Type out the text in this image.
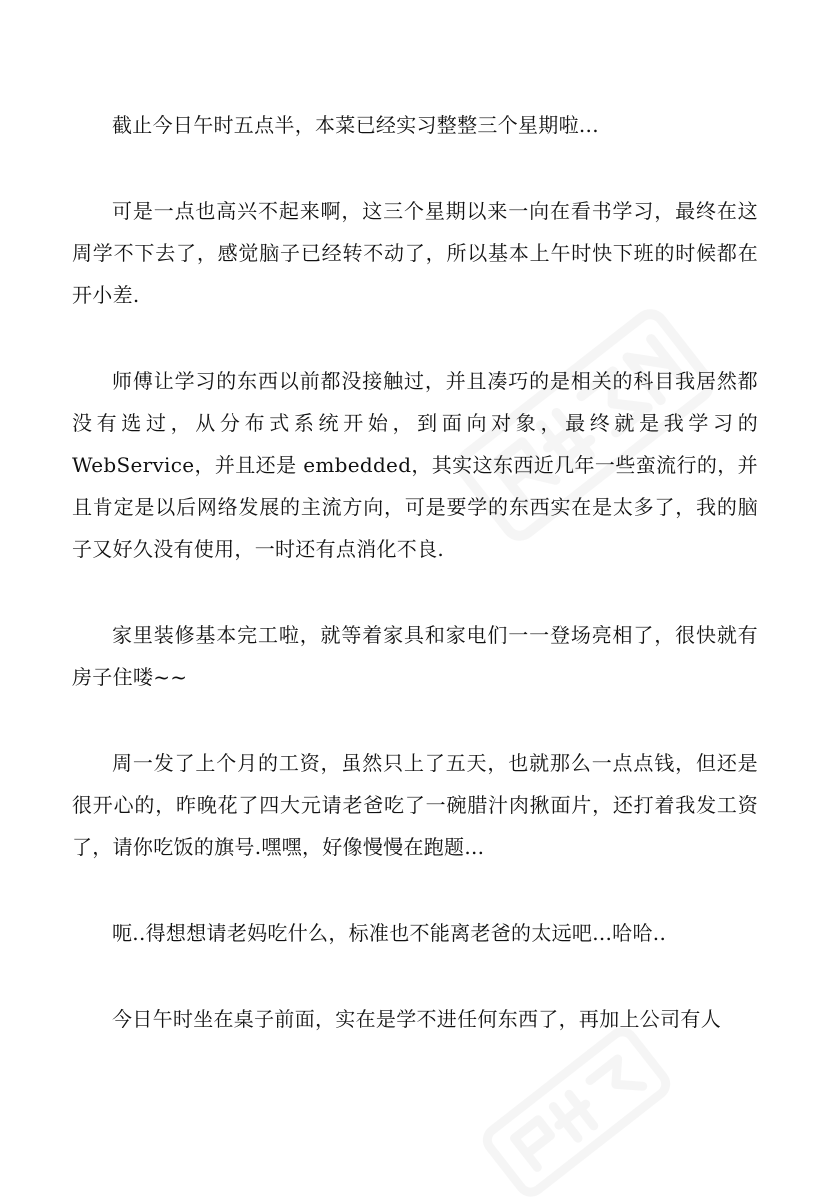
截止今日午时五点半，本菜已经实习整整三个星期啦...

可是一点也高兴不起来啊，这三个星期以来一向在看书学习，最终在这周学不下去了，感觉脑子已经转不动了，所以基本上午时快下班的时候都在开小差.

师傅让学习的东西以前都没接触过，并且凑巧的是相关的科目我居然都没有选过，从分布式系统开始，到面向对象，最终就是我学习的WebService，并且还是 embedded，其实这东西近几年一些蛮流行的，并且肯定是以后网络发展的主流方向，可是要学的东西实在是太多了，我的脑子又好久没有使用，一时还有点消化不良.

家里装修基本完工啦，就等着家具和家电们一一登场亮相了，很快就有房子住喽~~

周一发了上个月的工资，虽然只上了五天，也就那么一点点钱，但还是很开心的，昨晚花了四大元请老爸吃了一碗腊汁肉揪面片，还打着我发工资了，请你吃饭的旗号.嘿嘿，好像慢慢在跑题...

呃..得想想请老妈吃什么，标准也不能离老爸的太远吧...哈哈..

今日午时坐在桌子前面，实在是学不进任何东西了，再加上公司有人
